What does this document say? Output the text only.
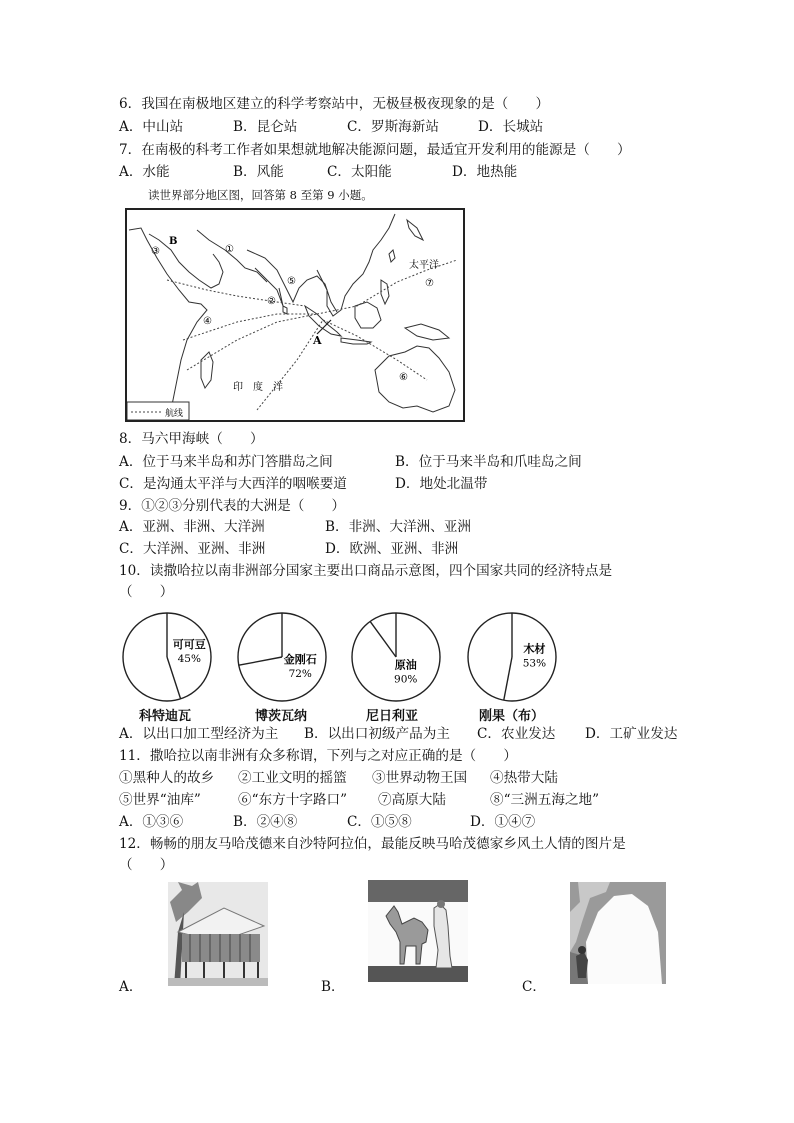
6．我国在南极地区建立的科学考察站中，无极昼极夜现象的是（　　）
A．中山站	B．昆仑站	C．罗斯海新站	D．长城站
7．在南极的科考工作者如果想就地解决能源问题，最适宜开发利用的能源是（　　）
A．水能	B．风能	C．太阳能	D．地热能
读世界部分地区图，回答第 8 至第 9 小题。
航线
B
A
③	①
⑤
②
④
⑦
⑥
太平洋
印　度　洋
8．马六甲海峡（　　）
A．位于马来半岛和苏门答腊岛之间	B．位于马来半岛和爪哇岛之间
C．是沟通太平洋与大西洋的咽喉要道	D．地处北温带
9．①②③分别代表的大洲是（　　）
A．亚洲、非洲、大洋洲	B．非洲、大洋洲、亚洲
C．大洋洲、亚洲、非洲	D．欧洲、亚洲、非洲
10．读撒哈拉以南非洲部分国家主要出口商品示意图，四个国家共同的经济特点是
（　　）
可可豆
45%	金刚石
72%
原油
90%
木材
53%
科特迪瓦	博茨瓦纳	尼日利亚	刚果（布）
A．以出口加工型经济为主 B．以出口初级产品为主 C．农业发达 D．工矿业发达
11．撒哈拉以南非洲有众多称谓，下列与之对应正确的是（　　）
①黑种人的故乡 ②工业文明的摇篮 ③世界动物王国 ④热带大陆
⑤世界“油库”	⑥“东方十字路口” ⑦高原大陆	⑧“三洲五海之地”
A．①③⑥	B．②④⑧	C．①⑤⑧	D．①④⑦
12．畅畅的朋友马哈茂德来自沙特阿拉伯，最能反映马哈茂德家乡风土人情的图片是
（　　）
A．	B．	C．
